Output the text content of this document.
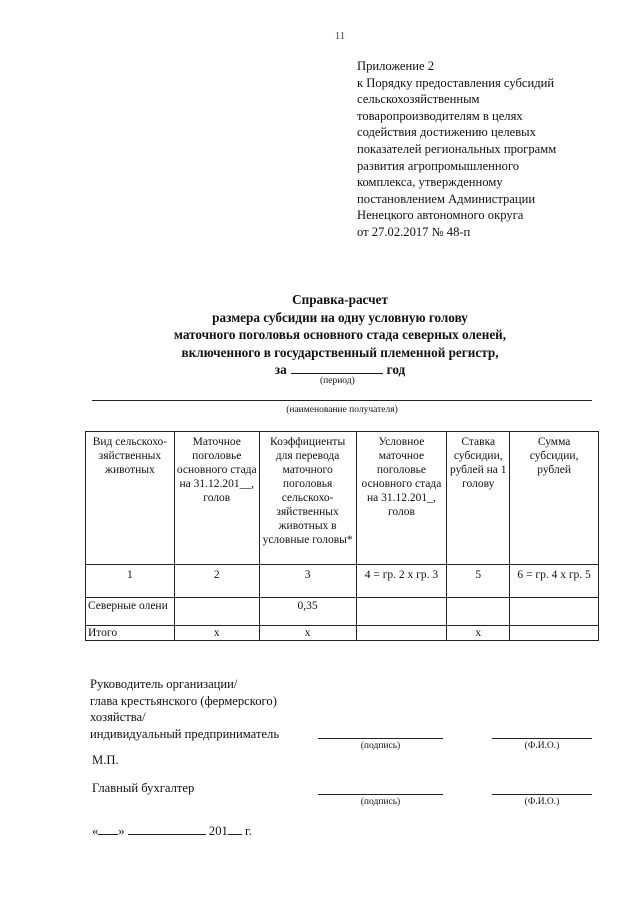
11
Приложение 2
к Порядку предоставления субсидий
сельскохозяйственным
товаропроизводителям в целях
содействия достижению целевых
показателей региональных программ
развития агропромышленного
комплекса, утвержденному
постановлением Администрации
Ненецкого автономного округа
от 27.02.2017 № 48-п
Справка-расчет
размера субсидии на одну условную голову
маточного поголовья основного стада северных оленей,
включенного в государственный племенной регистр,
за	год
(период)
(наименование получателя)
Вид сельскохо-зяйственных животных	Маточное поголовье основного стада на 31.12.201__, голов	Коэффициенты для перевода маточного поголовья сельскохо-зяйственных животных в условные головы*	Условное маточное поголовье основного стада на 31.12.201_, голов	Ставка субсидии, рублей на 1 голову	Сумма субсидии, рублей
1	2	3	4 = гр. 2 х гр. 3	5	6 = гр. 4 х гр. 5
Северные олени		0,35			
Итого	х	х		х	
Руководитель организации/
глава крестьянского (фермерского)
хозяйства/
индивидуальный предприниматель
(подпись)	(Ф.И.О.)
М.П.
Главный бухгалтер
(подпись)	(Ф.И.О.)
« »	201 г.
